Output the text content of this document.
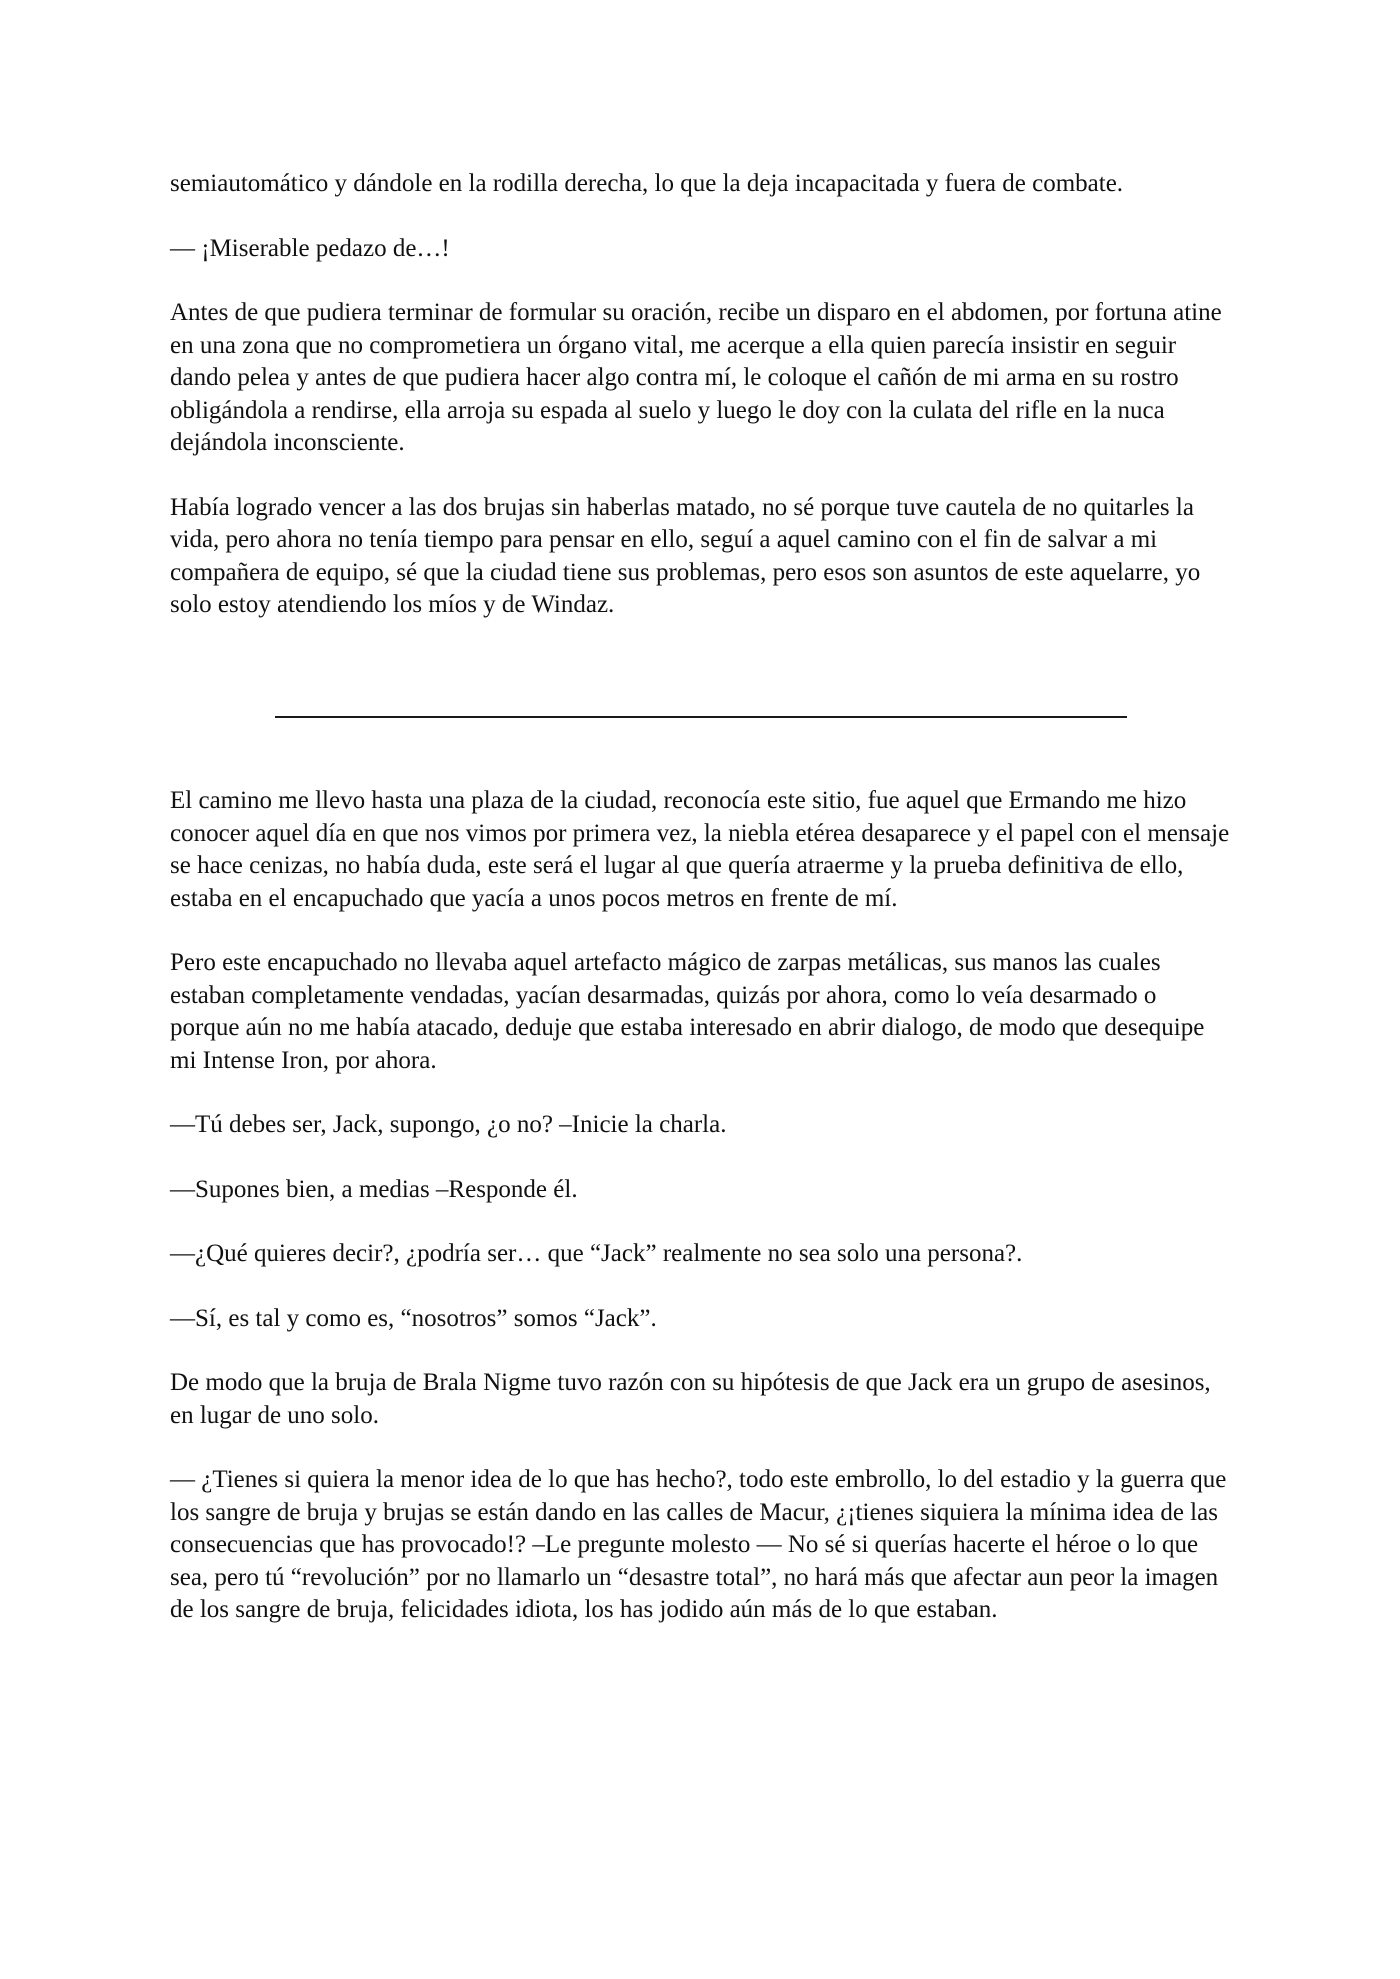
semiautomático y dándole en la rodilla derecha, lo que la deja incapacitada y fuera de combate.

— ¡Miserable pedazo de…!

Antes de que pudiera terminar de formular su oración, recibe un disparo en el abdomen, por fortuna atine en una zona que no comprometiera un órgano vital, me acerque a ella quien parecía insistir en seguir dando pelea y antes de que pudiera hacer algo contra mí, le coloque el cañón de mi arma en su rostro obligándola a rendirse, ella arroja su espada al suelo y luego le doy con la culata del rifle en la nuca dejándola inconsciente.

Había logrado vencer a las dos brujas sin haberlas matado, no sé porque tuve cautela de no quitarles la vida, pero ahora no tenía tiempo para pensar en ello, seguí a aquel camino con el fin de salvar a mi compañera de equipo, sé que la ciudad tiene sus problemas, pero esos son asuntos de este aquelarre, yo solo estoy atendiendo los míos y de Windaz.

El camino me llevo hasta una plaza de la ciudad, reconocía este sitio, fue aquel que Ermando me hizo conocer aquel día en que nos vimos por primera vez, la niebla etérea desaparece y el papel con el mensaje se hace cenizas, no había duda, este será el lugar al que quería atraerme y la prueba definitiva de ello, estaba en el encapuchado que yacía a unos pocos metros en frente de mí.

Pero este encapuchado no llevaba aquel artefacto mágico de zarpas metálicas, sus manos las cuales estaban completamente vendadas, yacían desarmadas, quizás por ahora, como lo veía desarmado o porque aún no me había atacado, deduje que estaba interesado en abrir dialogo, de modo que desequipe mi Intense Iron, por ahora.

—Tú debes ser, Jack, supongo, ¿o no? –Inicie la charla.

—Supones bien, a medias –Responde él.

—¿Qué quieres decir?, ¿podría ser… que “Jack” realmente no sea solo una persona?.

—Sí, es tal y como es, “nosotros” somos “Jack”.

De modo que la bruja de Brala Nigme tuvo razón con su hipótesis de que Jack era un grupo de asesinos, en lugar de uno solo.

— ¿Tienes si quiera la menor idea de lo que has hecho?, todo este embrollo, lo del estadio y la guerra que los sangre de bruja y brujas se están dando en las calles de Macur, ¿¡tienes siquiera la mínima idea de las consecuencias que has provocado!? –Le pregunte molesto — No sé si querías hacerte el héroe o lo que sea, pero tú “revolución” por no llamarlo un “desastre total”, no hará más que afectar aun peor la imagen de los sangre de bruja, felicidades idiota, los has jodido aún más de lo que estaban.
